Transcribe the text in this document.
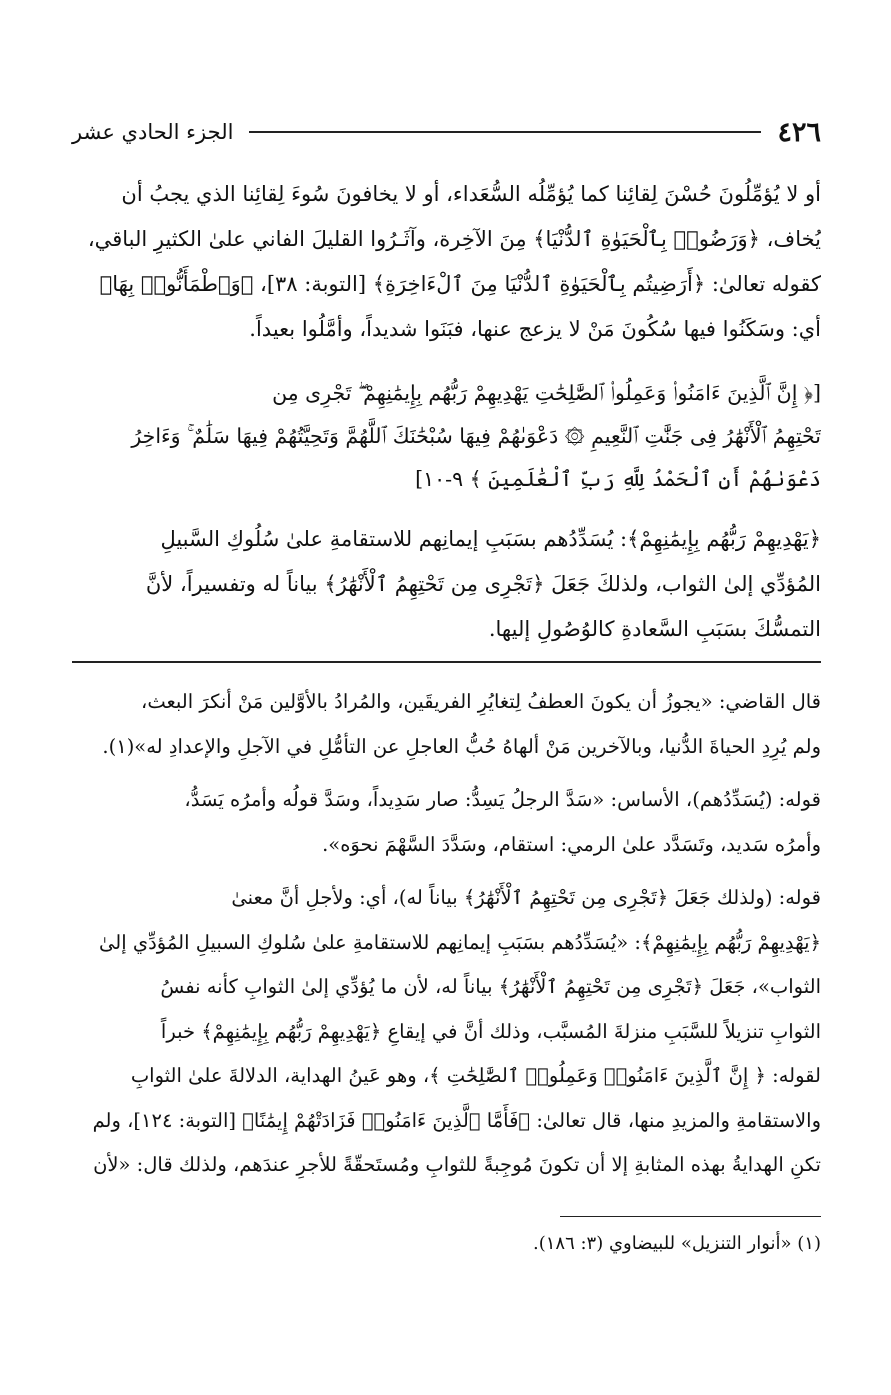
٤٢٦
الجزء الحادي عشر
أو لا يُؤمِّلُونَ حُسْنَ لِقائِنا كما يُؤمِّلُه السُّعَداء، أو لا يخافونَ سُوءَ لِقائِنا الذي يجبُ أن
يُخاف، ﴿وَرَضُوا۟ بِٱلْحَيَوٰةِ ٱلدُّنْيَا﴾ مِنَ الآخِرة، وآثَـرُوا القليلَ الفاني علىٰ الكثيرِ الباقي،
كقوله تعالىٰ: ﴿أَرَضِيتُم بِٱلْحَيَوٰةِ ٱلدُّنْيَا مِنَ ٱلْءَاخِرَةِ﴾ [التوبة: ٣٨]، ﴿وَٱطْمَأَنُّوا۟ بِهَا﴾
أي: وسَكَنُوا فيها سُكُونَ مَنْ لا يزعج عنها، فبَنَوا شديداً، وأمَّلُوا بعيداً.
[﴿ إِنَّ ٱلَّذِينَ ءَامَنُوا۟ وَعَمِلُوا۟ ٱلصَّٰلِحَٰتِ يَهْدِيهِمْ رَبُّهُم بِإِيمَٰنِهِمْ ۖ تَجْرِى مِن
تَحْتِهِمُ ٱلْأَنْهَٰرُ فِى جَنَّٰتِ ٱلنَّعِيمِ ۞ دَعْوَىٰهُمْ فِيهَا سُبْحَٰنَكَ ٱللَّهُمَّ وَتَحِيَّتُهُمْ فِيهَا سَلَٰمٌ ۚ وَءَاخِرُ
دَعْوَىٰهُمْ أَنِ ٱلْحَمْدُ لِلَّهِ رَبِّ ٱلْعَٰلَمِينَ ﴾ ٩-١٠]
﴿يَهْدِيهِمْ رَبُّهُم بِإِيمَٰنِهِمْ﴾: يُسَدِّدُهم بسَبَبِ إيمانِهم للاستقامةِ علىٰ سُلُوكِ السَّبيلِ
المُؤدِّي إلىٰ الثواب، ولذلكَ جَعَلَ ﴿تَجْرِى مِن تَحْتِهِمُ ٱلْأَنْهَٰرُ﴾ بياناً له وتفسيراً، لأنَّ
التمسُّكَ بسَبَبِ السَّعادةِ كالوُصُولِ إليها.
قال القاضي: «يجوزُ أن يكونَ العطفُ لِتغايُرِ الفريقَين، والمُرادُ بالأوَّلين مَنْ أنكرَ البعث،
ولم يُرِدِ الحياةَ الدُّنيا، وبالآخرين مَنْ ألهاهُ حُبُّ العاجلِ عن التأمُّلِ في الآجلِ والإعدادِ له»(١).
قوله: (يُسَدِّدُهم)، الأساس: «سَدَّ الرجلُ يَسِدُّ: صار سَدِيداً، وسَدَّ قولُه وأمرُه يَسَدُّ،
وأمرُه سَديد، وتَسَدَّد علىٰ الرمي: استقام، وسَدَّدَ السَّهْمَ نحوَه».
قوله: (ولذلك جَعَلَ ﴿تَجْرِى مِن تَحْتِهِمُ ٱلْأَنْهَٰرُ﴾ بياناً له)، أي: ولأجلِ أنَّ معنىٰ
﴿يَهْدِيهِمْ رَبُّهُم بِإِيمَٰنِهِمْ﴾: «يُسَدِّدُهم بسَبَبِ إيمانِهم للاستقامةِ علىٰ سُلوكِ السبيلِ المُؤدِّي إلىٰ
الثواب»، جَعَلَ ﴿تَجْرِى مِن تَحْتِهِمُ ٱلْأَنْهَٰرُ﴾ بياناً له، لأن ما يُؤدِّي إلىٰ الثوابِ كأنه نفسُ
الثوابِ تنزيلاً للسَّبَبِ منزلةَ المُسبَّب، وذلك أنَّ في إيقاعِ ﴿يَهْدِيهِمْ رَبُّهُم بِإِيمَٰنِهِمْ﴾ خبراً
لقوله: ﴿ إِنَّ ٱلَّذِينَ ءَامَنُوا۟ وَعَمِلُوا۟ ٱلصَّٰلِحَٰتِ ﴾، وهو عَينُ الهداية، الدلالةَ علىٰ الثوابِ
والاستقامةِ والمزيدِ منها، قال تعالىٰ: ﴿فَأَمَّا ٱلَّذِينَ ءَامَنُوا۟ فَزَادَتْهُمْ إِيمَٰنًا﴾ [التوبة: ١٢٤]، ولم
تكنِ الهدايةُ بهذه المثابةِ إلا أن تكونَ مُوجِبةً للثوابِ ومُستَحقّةً للأجرِ عندَهم، ولذلك قال: «لأن
(١) «أنوار التنزيل» للبيضاوي (٣: ١٨٦).
